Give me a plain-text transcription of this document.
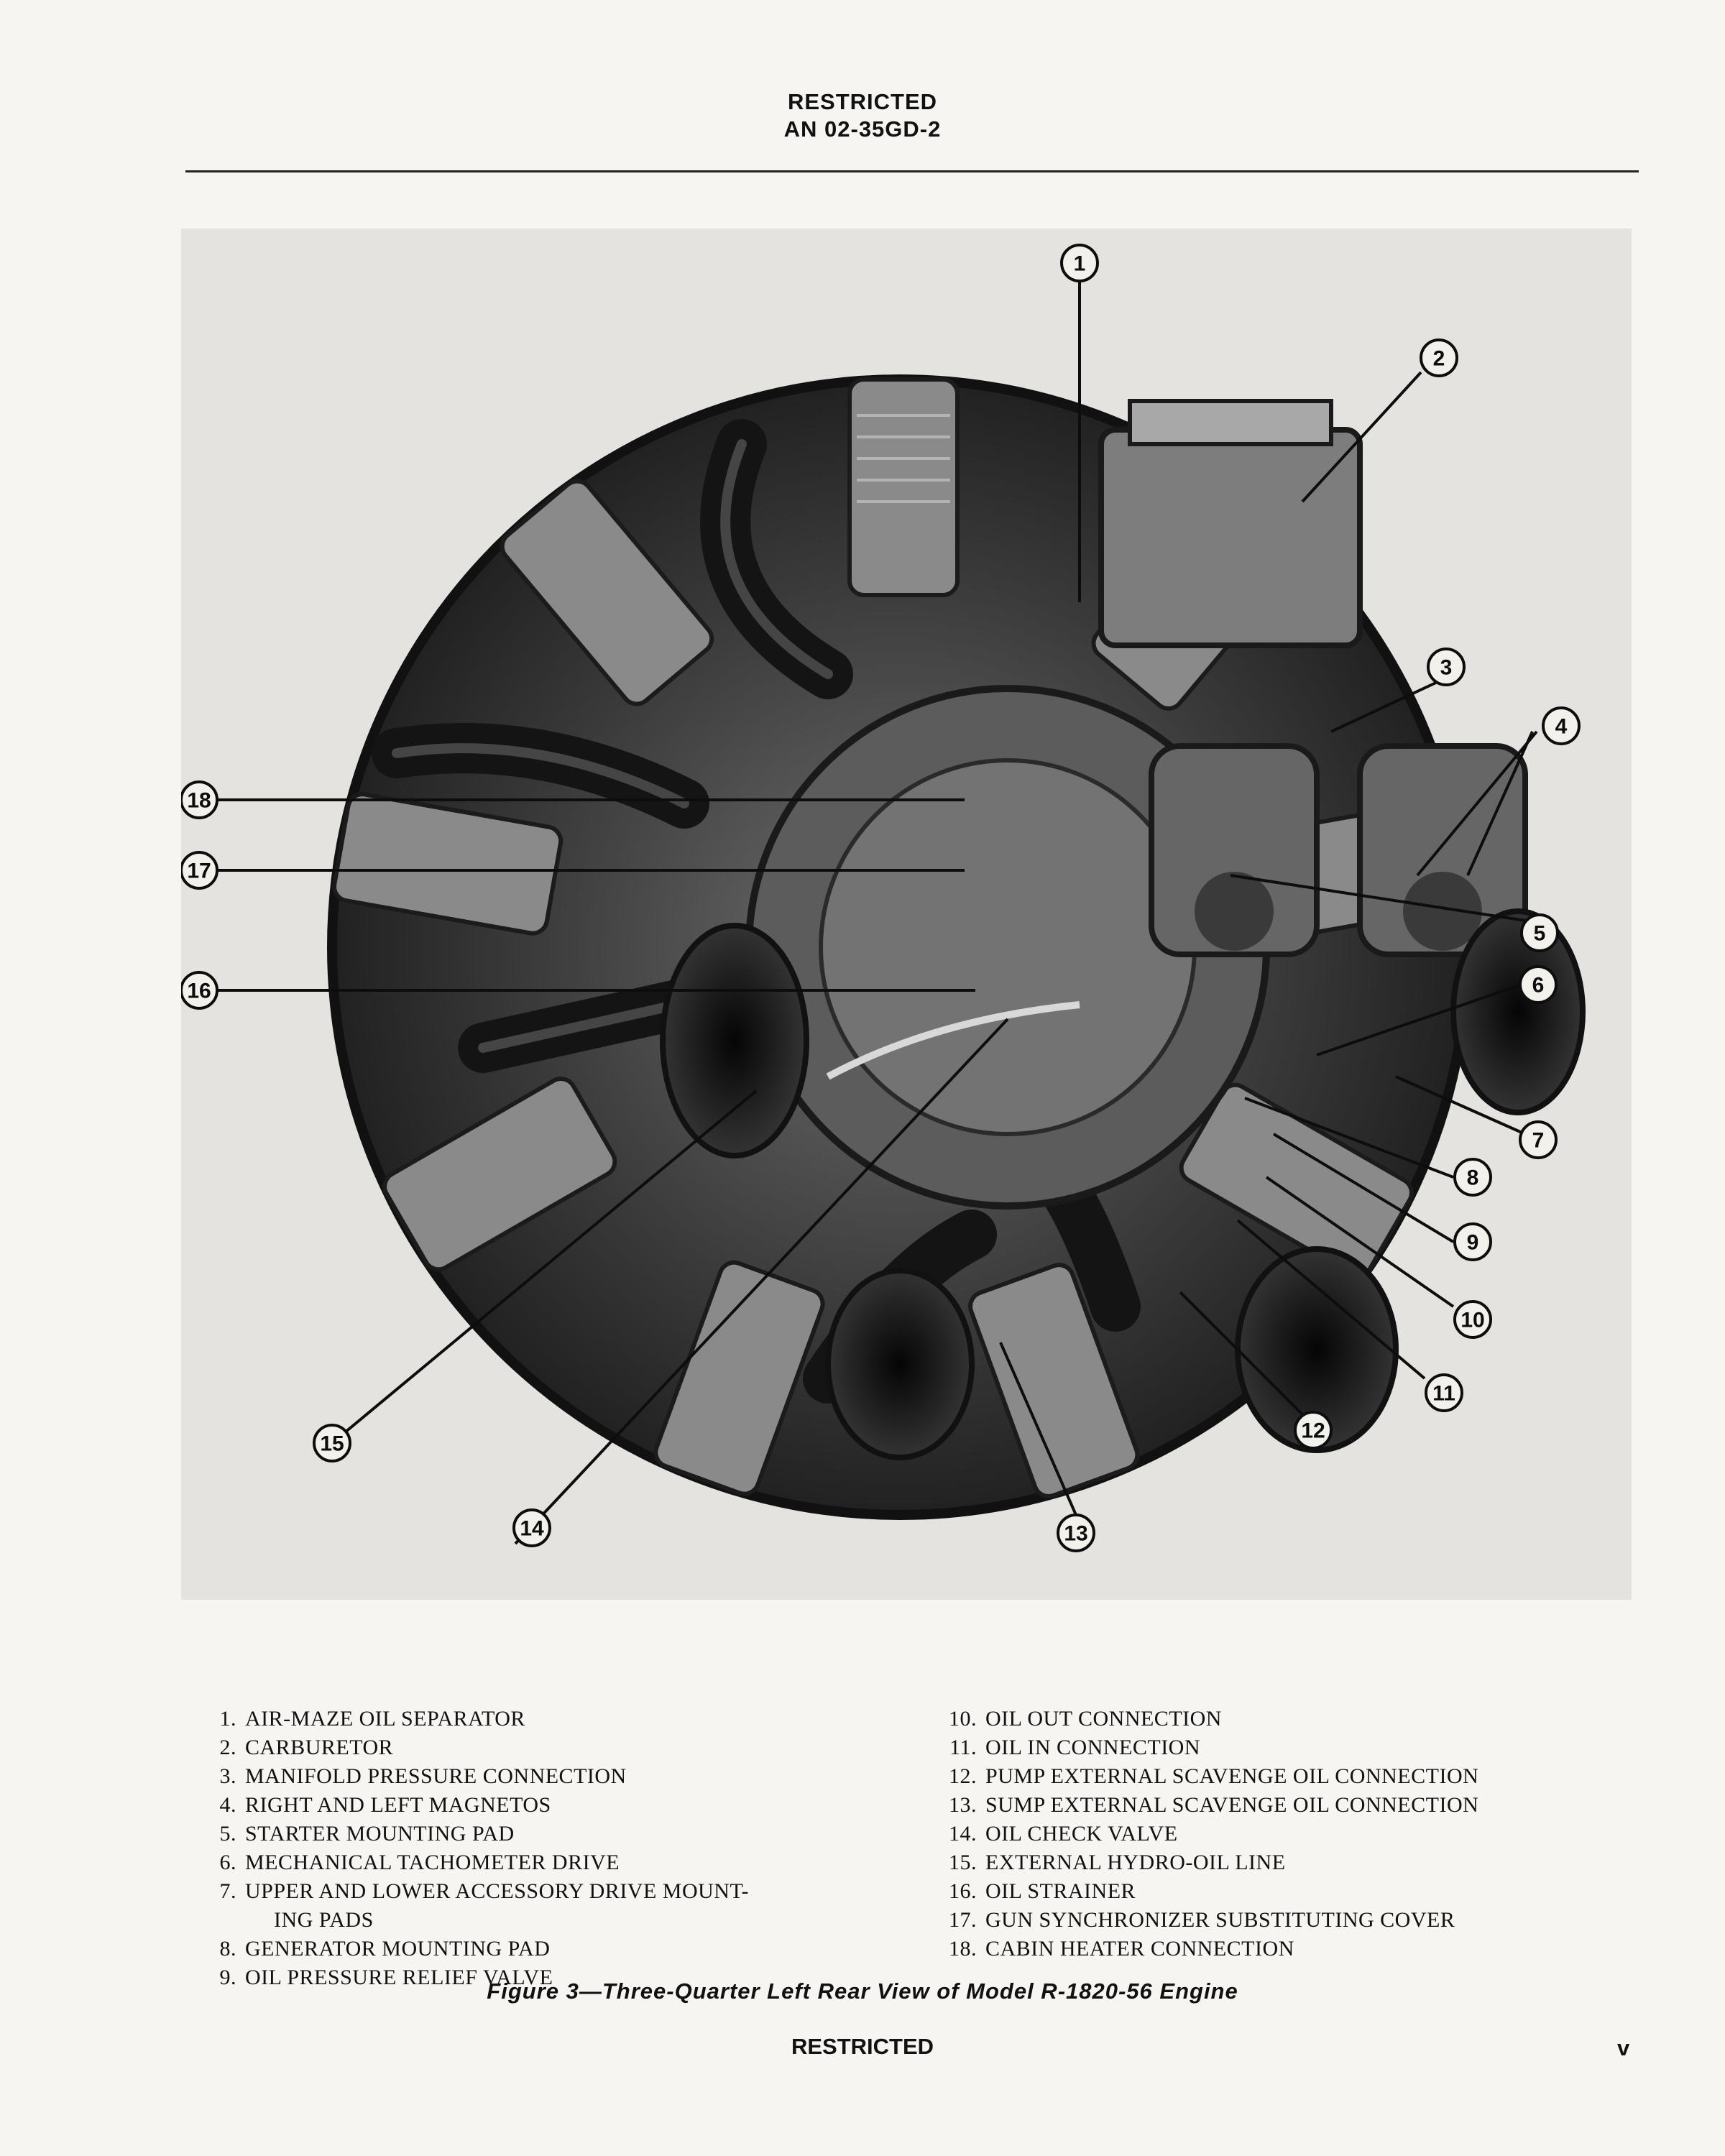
RESTRICTED
AN 02-35GD-2
1
2
3
4
5
6
7
8
9
10
11
12
13
14
15
16
17
18
1. AIR-MAZE OIL SEPARATOR
2. CARBURETOR
3. MANIFOLD PRESSURE CONNECTION
4. RIGHT AND LEFT MAGNETOS
5. STARTER MOUNTING PAD
6. MECHANICAL TACHOMETER DRIVE
7. UPPER AND LOWER ACCESSORY DRIVE MOUNT-
ING PADS
8. GENERATOR MOUNTING PAD
9. OIL PRESSURE RELIEF VALVE
10. OIL OUT CONNECTION
11. OIL IN CONNECTION
12. PUMP EXTERNAL SCAVENGE OIL CONNECTION
13. SUMP EXTERNAL SCAVENGE OIL CONNECTION
14. OIL CHECK VALVE
15. EXTERNAL HYDRO-OIL LINE
16. OIL STRAINER
17. GUN SYNCHRONIZER SUBSTITUTING COVER
18. CABIN HEATER CONNECTION
Figure 3—Three-Quarter Left Rear View of Model R-1820-56 Engine
RESTRICTED	v
